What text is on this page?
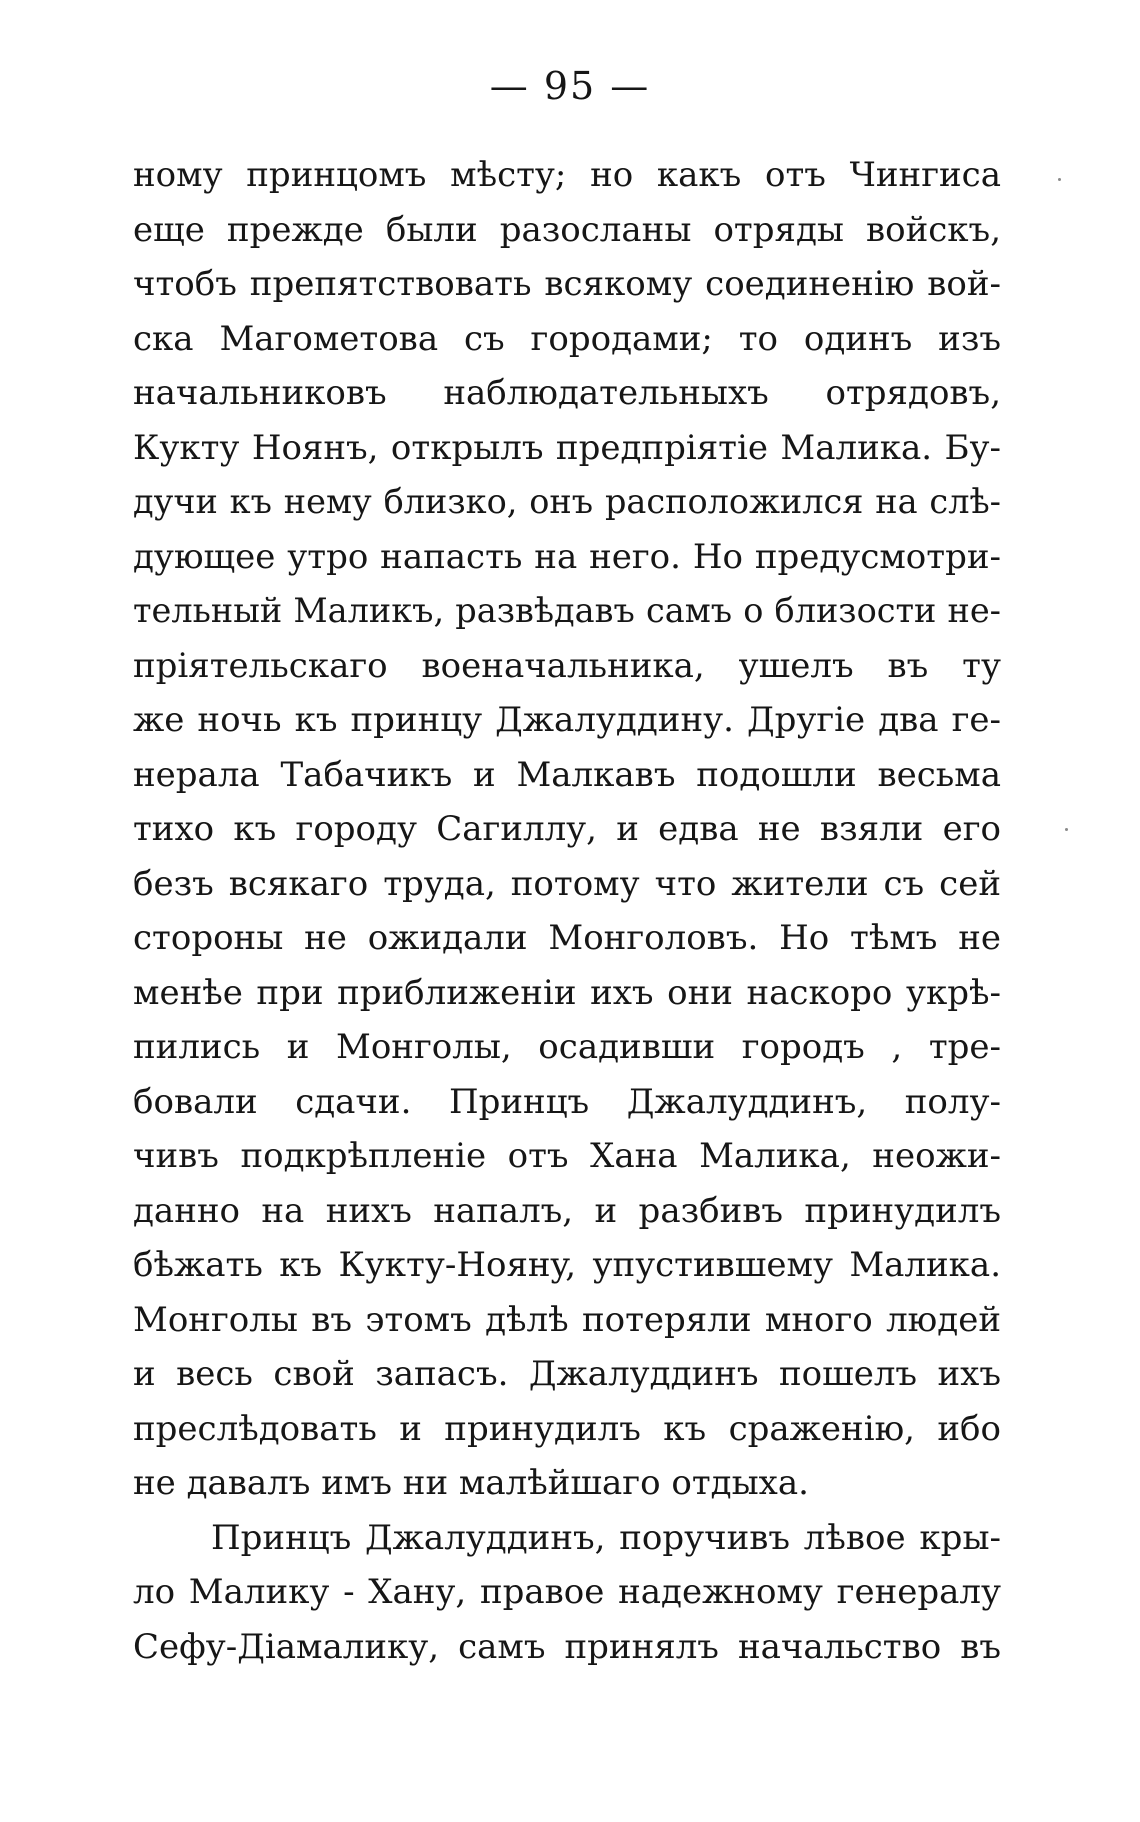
— 95 —
ному принцомъ мѣсту; но какъ отъ Чингиса
еще прежде были разосланы отряды войскъ,
чтобъ препятствовать всякому соединенію вой-
ска Магометова съ городами; то одинъ изъ
начальниковъ наблюдательныхъ отрядовъ,
Кукту Ноянъ, открылъ предпріятіе Малика. Бу-
дучи къ нему близко, онъ расположился на слѣ-
дующее утро напасть на него. Но предусмотри-
тельный Маликъ, развѣдавъ самъ о близости не-
пріятельскаго военачальника, ушелъ въ ту
же ночь къ принцу Джалуддину. Другіе два ге-
нерала Табачикъ и Малкавъ подошли весьма
тихо къ городу Сагиллу, и едва не взяли его
безъ всякаго труда, потому что жители съ сей
стороны не ожидали Монголовъ. Но тѣмъ не
менѣе при приближеніи ихъ они наскоро укрѣ-
пились и Монголы, осадивши городъ , тре-
бовали сдачи. Принцъ Джалуддинъ, полу-
чивъ подкрѣпленіе отъ Хана Малика, неожи-
данно на нихъ напалъ, и разбивъ принудилъ
бѣжать къ Кукту-Ноянy, упустившему Малика.
Монголы въ этомъ дѣлѣ потеряли много людей
и весь свой запасъ. Джалуддинъ пошелъ ихъ
преслѣдовать и принудилъ къ сраженію, ибо
не давалъ имъ ни малѣйшаго отдыха.
Принцъ Джалуддинъ, поручивъ лѣвое кры-
ло Малику - Хану, правое надежному генералу
Сефу-Діамалику, самъ принялъ начальство въ
